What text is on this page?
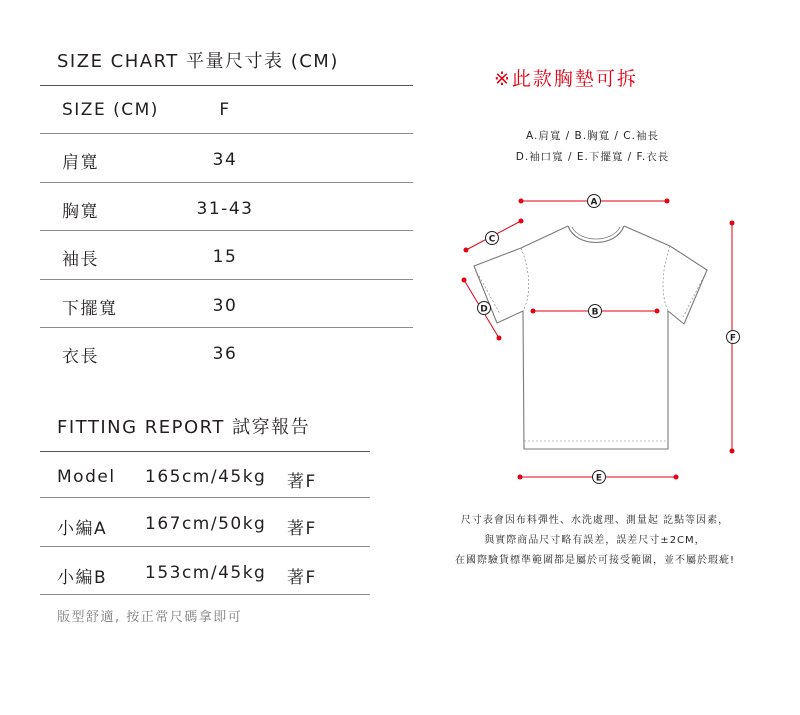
SIZE CHART 平量尺寸表 (CM)
SIZE (CM)	F
肩寬	34
胸寬	31-43
袖長	15
下擺寬	30
衣長	36
FITTING REPORT 試穿報告
Model 165cm/45kg 著F
小編A 167cm/50kg 著F
小編B 153cm/45kg 著F
版型舒適, 按正常尺碼拿即可
※此款胸墊可拆
A.肩寬 / B.胸寬 / C.袖長
D.袖口寬 / E.下擺寬 / F.衣長
A
B
C
D
E
F
尺寸表會因布料彈性、水洗處理、測量起 訖點等因素，
與實際商品尺寸略有誤差，誤差尺寸±2CM，
在國際驗貨標準範圍都是屬於可接受範圍，並不屬於瑕疵!
